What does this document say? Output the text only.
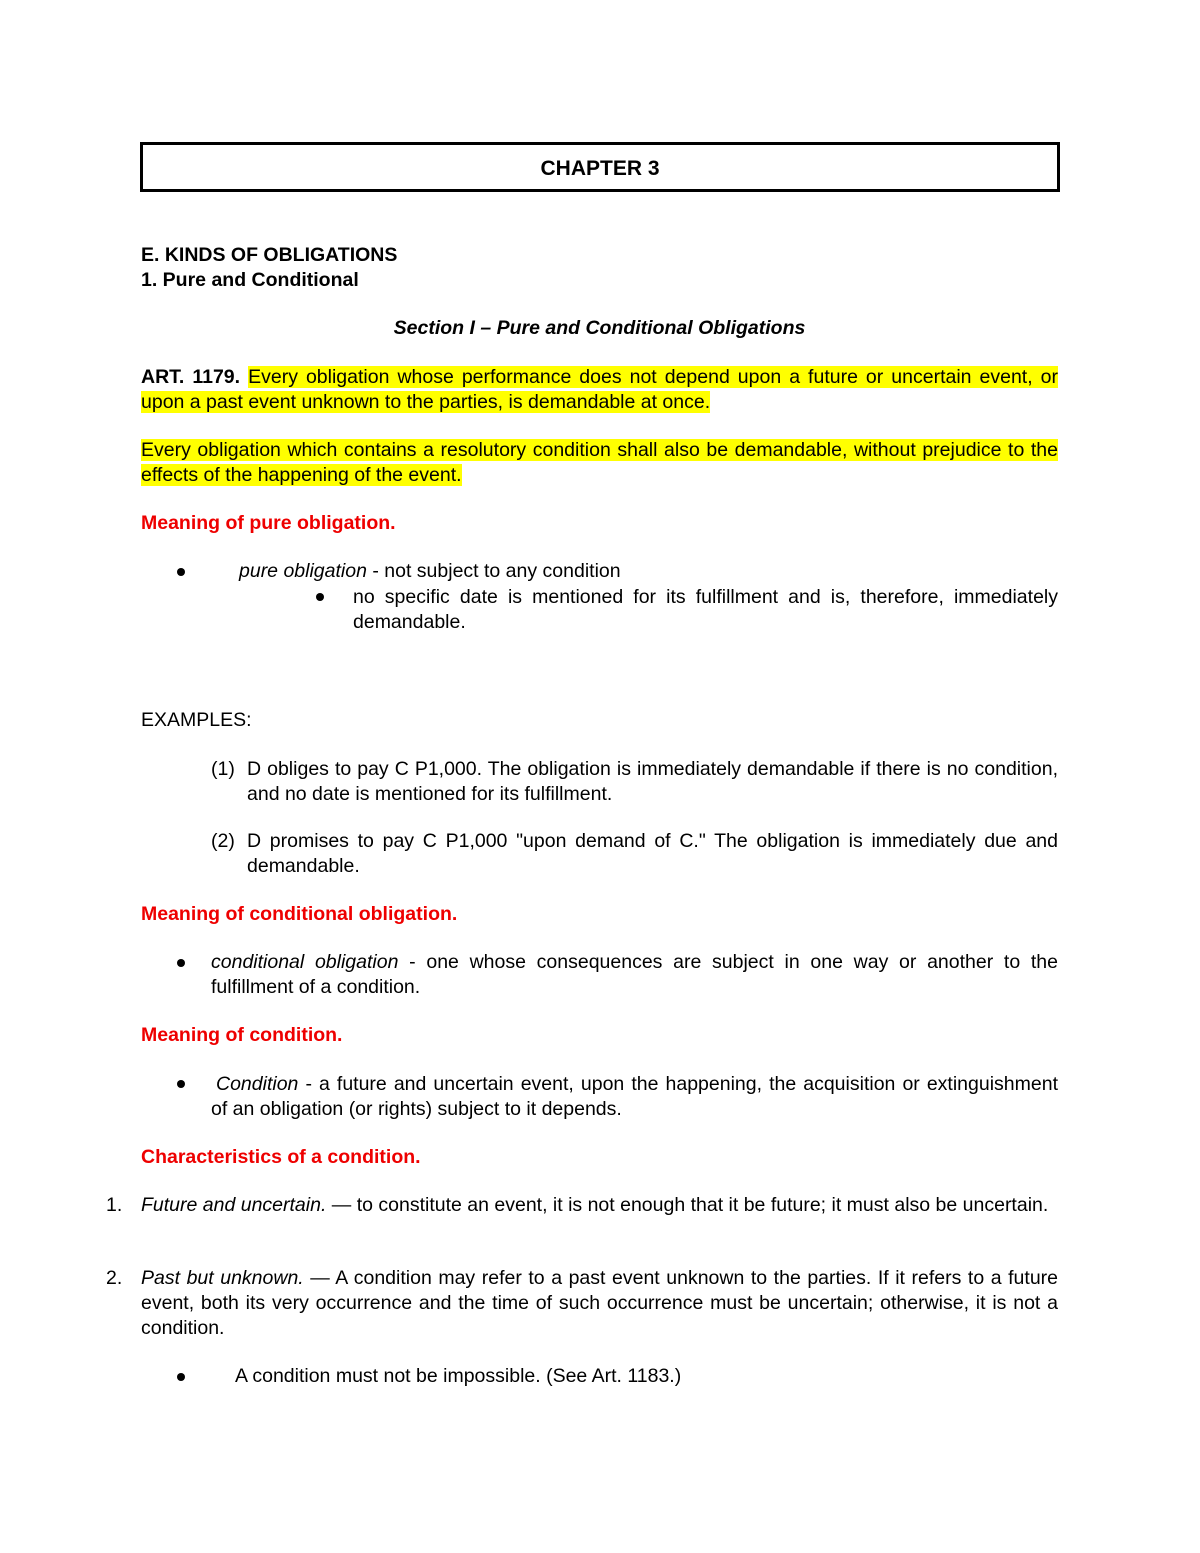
CHAPTER 3
E. KINDS OF OBLIGATIONS
1. Pure and Conditional
Section I – Pure and Conditional Obligations
ART. 1179. Every obligation whose performance does not depend upon a future or uncertain event, or upon a past event unknown to the parties, is demandable at once.
Every obligation which contains a resolutory condition shall also be demandable, without prejudice to the effects of the happening of the event.
Meaning of pure obligation.
pure obligation - not subject to any condition
no specific date is mentioned for its fulfillment and is, therefore, immediately demandable.
EXAMPLES:
(1) D obliges to pay C P1,000. The obligation is immediately demandable if there is no condition, and no date is mentioned for its fulfillment.
(2) D promises to pay C P1,000 "upon demand of C." The obligation is immediately due and demandable.
Meaning of conditional obligation.
conditional obligation - one whose consequences are subject in one way or another to the fulfillment of a condition.
Meaning of condition.
Condition - a future and uncertain event, upon the happening, the acquisition or extinguishment of an obligation (or rights) subject to it depends.
Characteristics of a condition.
1. Future and uncertain. — to constitute an event, it is not enough that it be future; it must also be uncertain.
2. Past but unknown. — A condition may refer to a past event unknown to the parties. If it refers to a future event, both its very occurrence and the time of such occurrence must be uncertain; otherwise, it is not a condition.
A condition must not be impossible. (See Art. 1183.)
